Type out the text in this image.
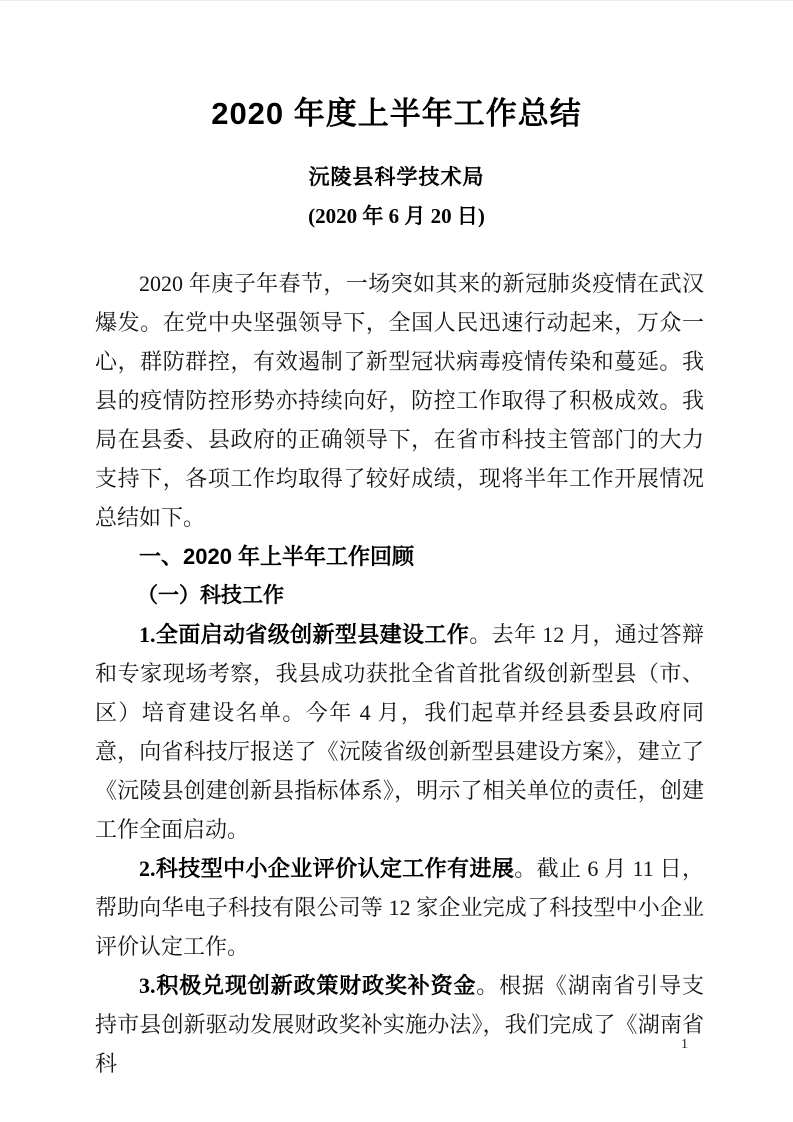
2020 年度上半年工作总结
沅陵县科学技术局
(2020 年 6 月 20 日)

2020 年庚子年春节，一场突如其来的新冠肺炎疫情在武汉爆发。在党中央坚强领导下，全国人民迅速行动起来，万众一心，群防群控，有效遏制了新型冠状病毒疫情传染和蔓延。我县的疫情防控形势亦持续向好，防控工作取得了积极成效。我局在县委、县政府的正确领导下，在省市科技主管部门的大力支持下，各项工作均取得了较好成绩，现将半年工作开展情况总结如下。

一、2020 年上半年工作回顾

（一）科技工作

1.全面启动省级创新型县建设工作。去年 12 月，通过答辩和专家现场考察，我县成功获批全省首批省级创新型县（市、区）培育建设名单。今年 4 月，我们起草并经县委县政府同意，向省科技厅报送了《沅陵省级创新型县建设方案》，建立了《沅陵县创建创新县指标体系》，明示了相关单位的责任，创建工作全面启动。

2.科技型中小企业评价认定工作有进展。截止 6 月 11 日，帮助向华电子科技有限公司等 12 家企业完成了科技型中小企业评价认定工作。

3.积极兑现创新政策财政奖补资金。根据《湖南省引导支持市县创新驱动发展财政奖补实施办法》，我们完成了《湖南省科

1
